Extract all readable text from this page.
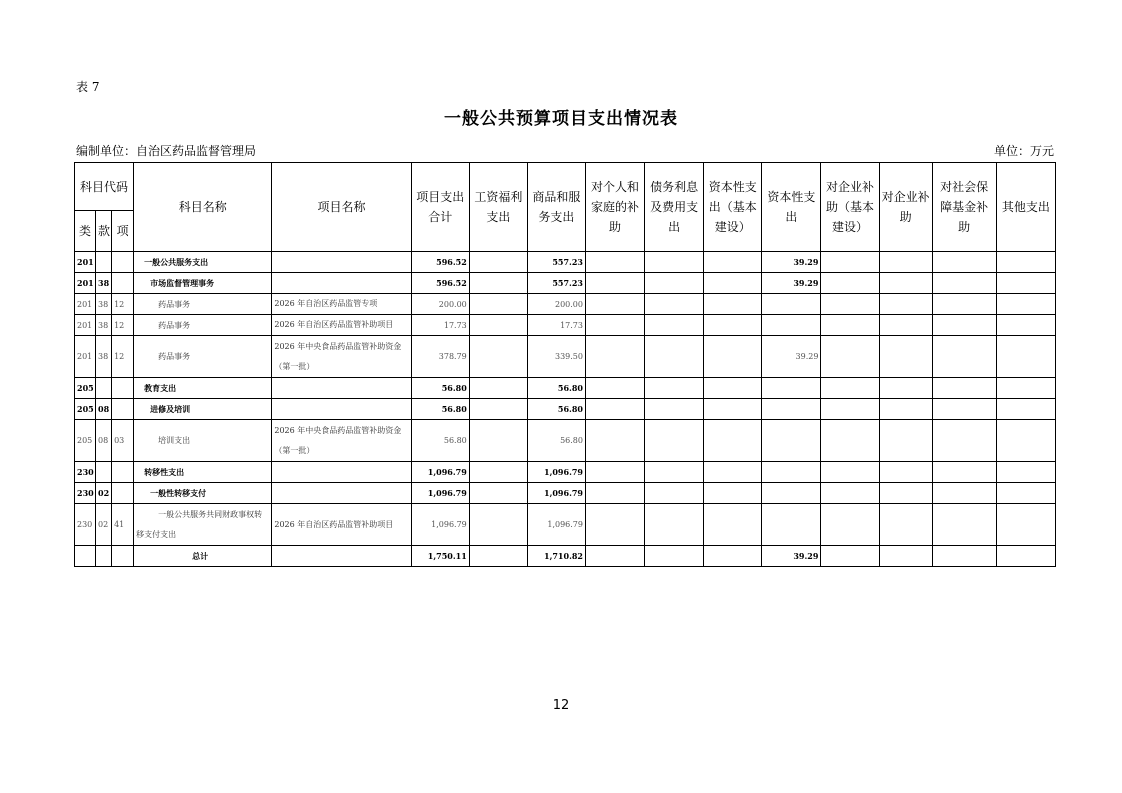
表 7
一般公共预算项目支出情况表
编制单位：自治区药品监督管理局	单位：万元
科目代码			科目名称	项目名称	项目支出合计	工资福利支出	商品和服务支出	对个人和家庭的补助	债务利息及费用支出	资本性支出（基本建设）	资本性支出	对企业补助（基本建设）	对企业补助	对社会保障基金补助	其他支出
类	款	项													
201			一般公共服务支出		596.52		557.23				39.29				
201	38		市场监督管理事务		596.52		557.23				39.29				
201	38	12	药品事务	2026 年自治区药品监管专项	200.00		200.00								
201	38	12	药品事务	2026 年自治区药品监管补助项目	17.73		17.73								
201	38	12	药品事务	2026 年中央食品药品监管补助资金（第一批）	378.79		339.50				39.29				
205			教育支出		56.80		56.80								
205	08		进修及培训		56.80		56.80								
205	08	03	培训支出	2026 年中央食品药品监管补助资金（第一批）	56.80		56.80								
230			转移性支出		1,096.79		1,096.79								
230	02		一般性转移支付		1,096.79		1,096.79								
230	02	41	一般公共服务共同财政事权转移支付支出	2026 年自治区药品监管补助项目	1,096.79		1,096.79								
			总计		1,750.11		1,710.82				39.29				
12
